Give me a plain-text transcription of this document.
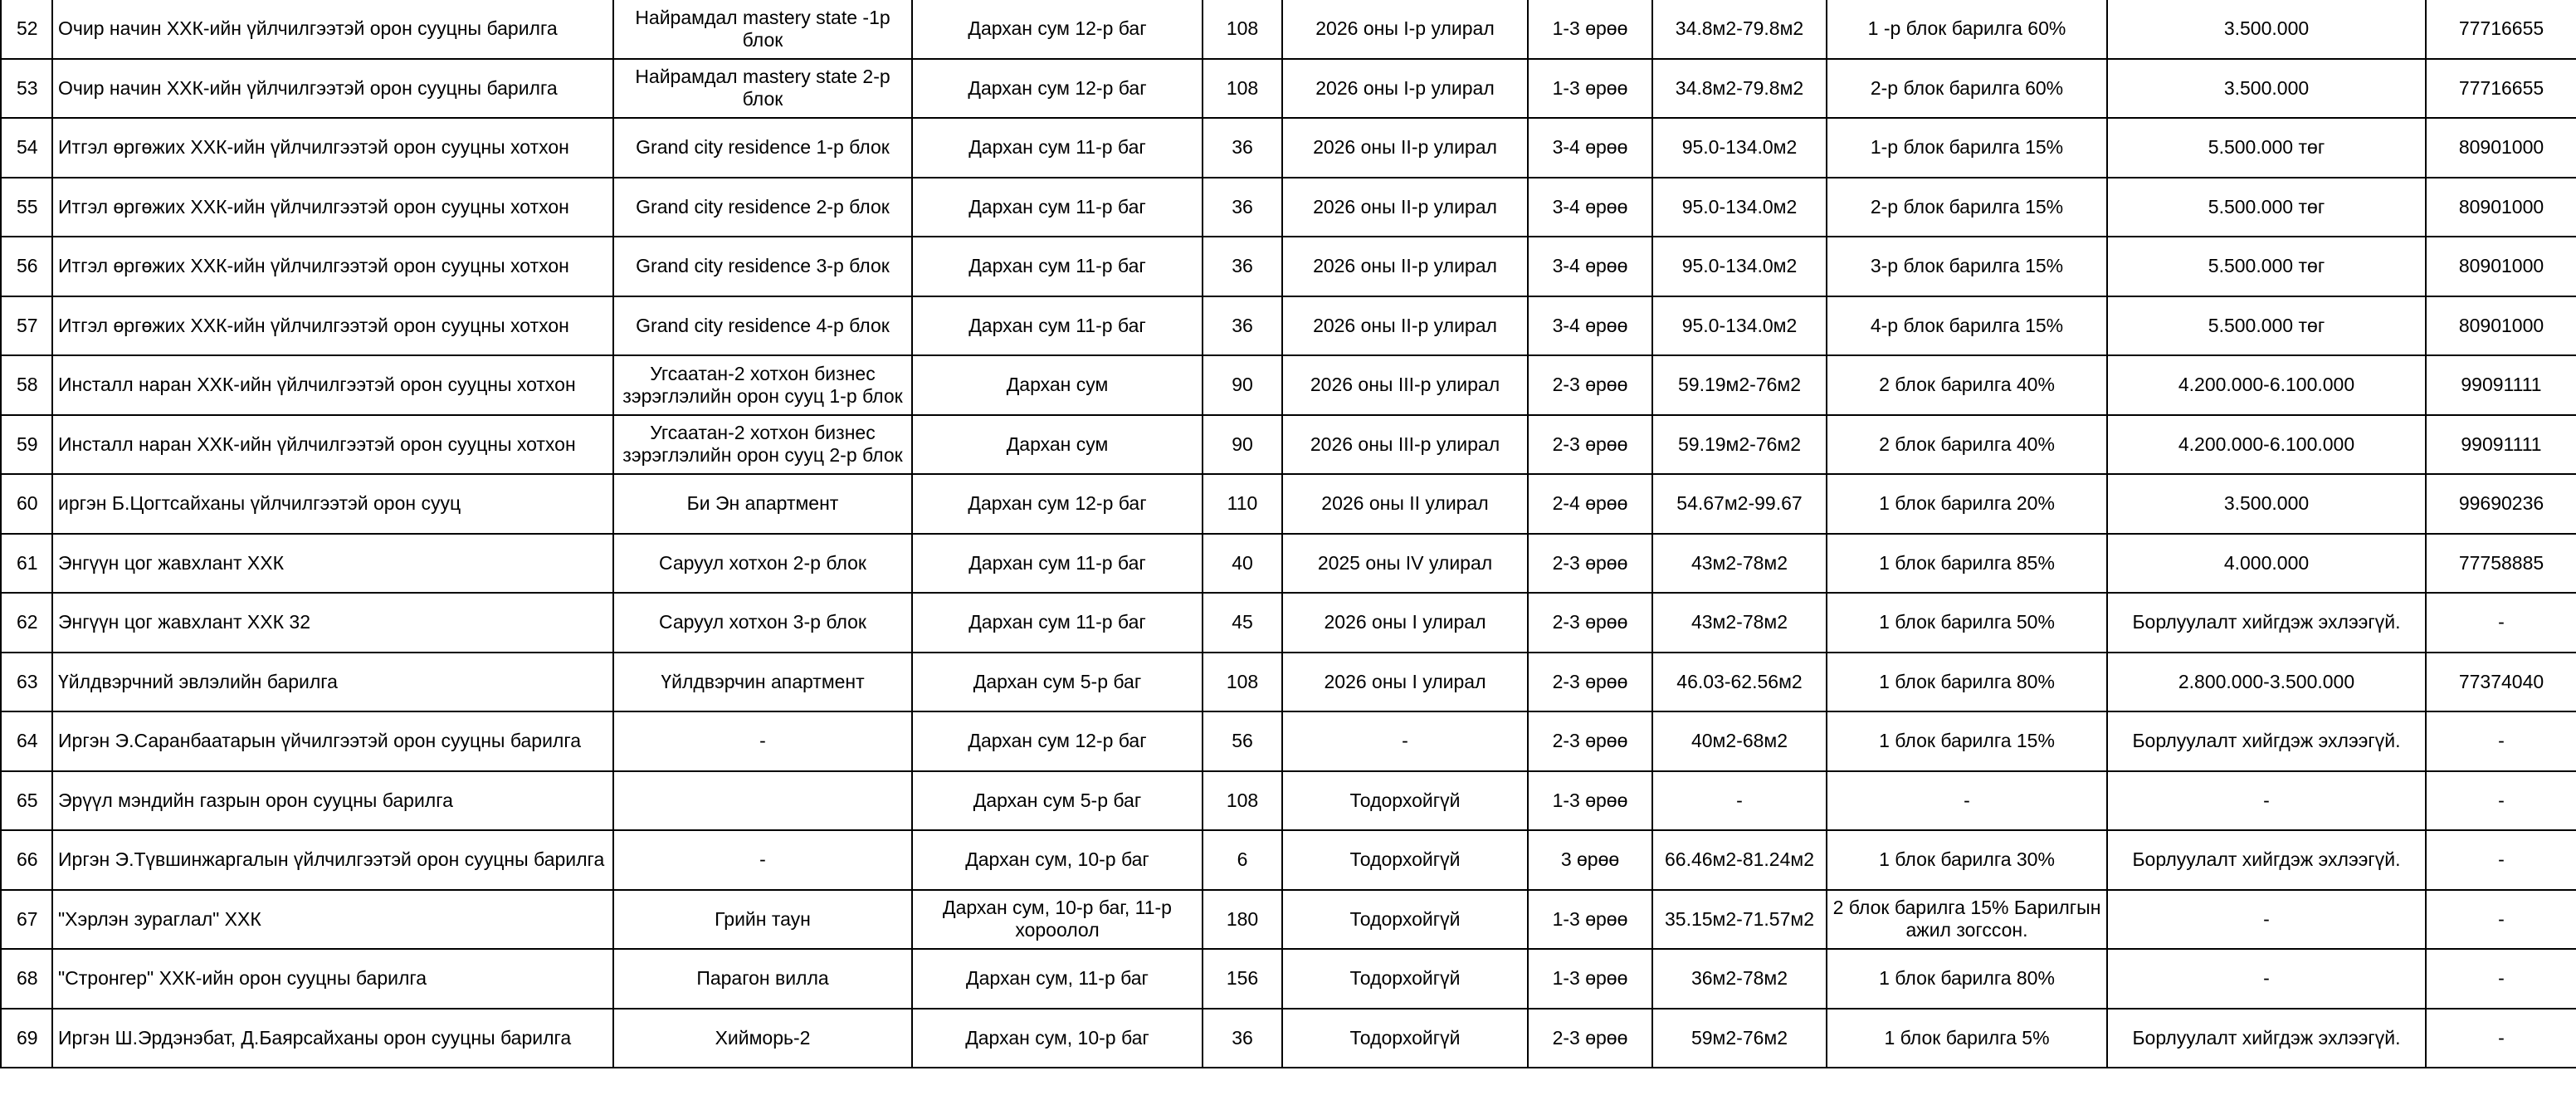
52	Очир начин ХХК-ийн үйлчилгээтэй орон сууцны барилга	Найрамдал mastery state -1р блок	Дархан сум 12-р баг	108	2026 оны I-р улирал	1-3 өрөө	34.8м2-79.8м2	1 -р блок барилга 60%	3.500.000	77716655
53	Очир начин ХХК-ийн үйлчилгээтэй орон сууцны барилга	Найрамдал mastery state 2-р блок	Дархан сум 12-р баг	108	2026 оны I-р улирал	1-3 өрөө	34.8м2-79.8м2	2-р блок барилга 60%	3.500.000	77716655
54	Итгэл өргөжих ХХК-ийн үйлчилгээтэй орон сууцны хотхон	Grand city residence 1-р блок	Дархан сум 11-р баг	36	2026 оны II-р улирал	3-4 өрөө	95.0-134.0м2	1-р блок барилга 15%	5.500.000 төг	80901000
55	Итгэл өргөжих ХХК-ийн үйлчилгээтэй орон сууцны хотхон	Grand city residence 2-р блок	Дархан сум 11-р баг	36	2026 оны II-р улирал	3-4 өрөө	95.0-134.0м2	2-р блок барилга 15%	5.500.000 төг	80901000
56	Итгэл өргөжих ХХК-ийн үйлчилгээтэй орон сууцны хотхон	Grand city residence 3-р блок	Дархан сум 11-р баг	36	2026 оны II-р улирал	3-4 өрөө	95.0-134.0м2	3-р блок барилга 15%	5.500.000 төг	80901000
57	Итгэл өргөжих ХХК-ийн үйлчилгээтэй орон сууцны хотхон	Grand city residence 4-р блок	Дархан сум 11-р баг	36	2026 оны II-р улирал	3-4 өрөө	95.0-134.0м2	4-р блок барилга 15%	5.500.000 төг	80901000
58	Инсталл наран ХХК-ийн үйлчилгээтэй орон сууцны хотхон	Угсаатан-2 хотхон бизнес зэрэглэлийн орон сууц 1-р блок	Дархан сум	90	2026 оны III-р улирал	2-3 өрөө	59.19м2-76м2	2 блок барилга 40%	4.200.000-6.100.000	99091111
59	Инсталл наран ХХК-ийн үйлчилгээтэй орон сууцны хотхон	Угсаатан-2 хотхон бизнес зэрэглэлийн орон сууц 2-р блок	Дархан сум	90	2026 оны III-р улирал	2-3 өрөө	59.19м2-76м2	2 блок барилга 40%	4.200.000-6.100.000	99091111
60	иргэн Б.Цогтсайханы үйлчилгээтэй орон сууц	Би Эн апартмент	Дархан сум 12-р баг	110	2026 оны II улирал	2-4 өрөө	54.67м2-99.67	1 блок барилга 20%	3.500.000	99690236
61	Энгүүн цог жавхлант ХХК	Саруул хотхон 2-р блок	Дархан сум 11-р баг	40	2025 оны IV улирал	2-3 өрөө	43м2-78м2	1 блок барилга 85%	4.000.000	77758885
62	Энгүүн цог жавхлант ХХК 32	Саруул хотхон 3-р блок	Дархан сум 11-р баг	45	2026 оны I улирал	2-3 өрөө	43м2-78м2	1 блок барилга 50%	Борлуулалт хийгдэж эхлээгүй.	-
63	Үйлдвэрчний эвлэлийн барилга	Үйлдвэрчин апартмент	Дархан сум 5-р баг	108	2026 оны I улирал	2-3 өрөө	46.03-62.56м2	1 блок барилга 80%	2.800.000-3.500.000	77374040
64	Иргэн Э.Саранбаатарын үйчилгээтэй орон сууцны барилга	-	Дархан сум 12-р баг	56	-	2-3 өрөө	40м2-68м2	1 блок барилга 15%	Борлуулалт хийгдэж эхлээгүй.	-
65	Эрүүл мэндийн газрын орон сууцны барилга		Дархан сум 5-р баг	108	Тодорхойгүй	1-3 өрөө	-	-	-	-
66	Иргэн Э.Түвшинжаргалын үйлчилгээтэй орон сууцны барилга	-	Дархан сум, 10-р баг	6	Тодорхойгүй	3 өрөө	66.46м2-81.24м2	1 блок барилга 30%	Борлуулалт хийгдэж эхлээгүй.	-
67	"Хэрлэн зураглал" ХХК	Грийн таун	Дархан сум, 10-р баг, 11-р хороолол	180	Тодорхойгүй	1-3 өрөө	35.15м2-71.57м2	2 блок барилга 15% Барилгын ажил зогссон.	-	-
68	"Стронгер" ХХК-ийн орон сууцны барилга	Парагон вилла	Дархан сум, 11-р баг	156	Тодорхойгүй	1-3 өрөө	36м2-78м2	1 блок барилга 80%	-	-
69	Иргэн Ш.Эрдэнэбат, Д.Баярсайханы орон сууцны барилга	Хийморь-2	Дархан сум, 10-р баг	36	Тодорхойгүй	2-3 өрөө	59м2-76м2	1 блок барилга 5%	Борлуулалт хийгдэж эхлээгүй.	-
